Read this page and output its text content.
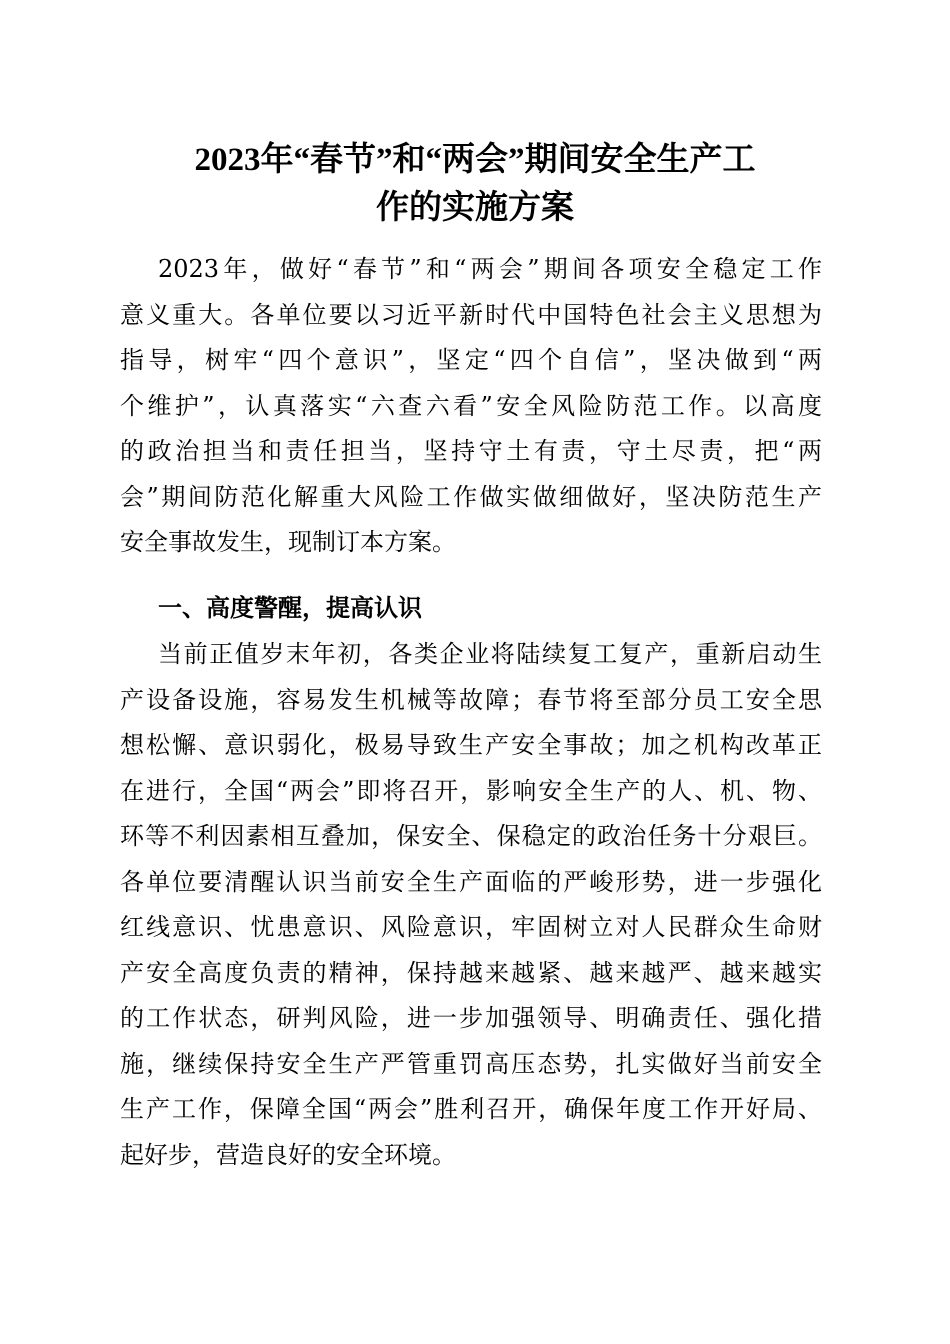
2023年“春节”和“两会”期间安全生产工
作的实施方案
2023年，做好“春节”和“两会”期间各项安全稳定工作
意义重大。各单位要以习近平新时代中国特色社会主义思想为
指导，树牢“四个意识”，坚定“四个自信”，坚决做到“两
个维护”，认真落实“六查六看”安全风险防范工作。以高度
的政治担当和责任担当，坚持守土有责，守土尽责，把“两
会”期间防范化解重大风险工作做实做细做好，坚决防范生产
安全事故发生，现制订本方案。
一、高度警醒，提高认识
当前正值岁末年初，各类企业将陆续复工复产，重新启动生
产设备设施，容易发生机械等故障；春节将至部分员工安全思
想松懈、意识弱化，极易导致生产安全事故；加之机构改革正
在进行，全国“两会”即将召开，影响安全生产的人、机、物、
环等不利因素相互叠加，保安全、保稳定的政治任务十分艰巨。
各单位要清醒认识当前安全生产面临的严峻形势，进一步强化
红线意识、忧患意识、风险意识，牢固树立对人民群众生命财
产安全高度负责的精神，保持越来越紧、越来越严、越来越实
的工作状态，研判风险，进一步加强领导、明确责任、强化措
施，继续保持安全生产严管重罚高压态势，扎实做好当前安全
生产工作，保障全国“两会”胜利召开，确保年度工作开好局、
起好步，营造良好的安全环境。
